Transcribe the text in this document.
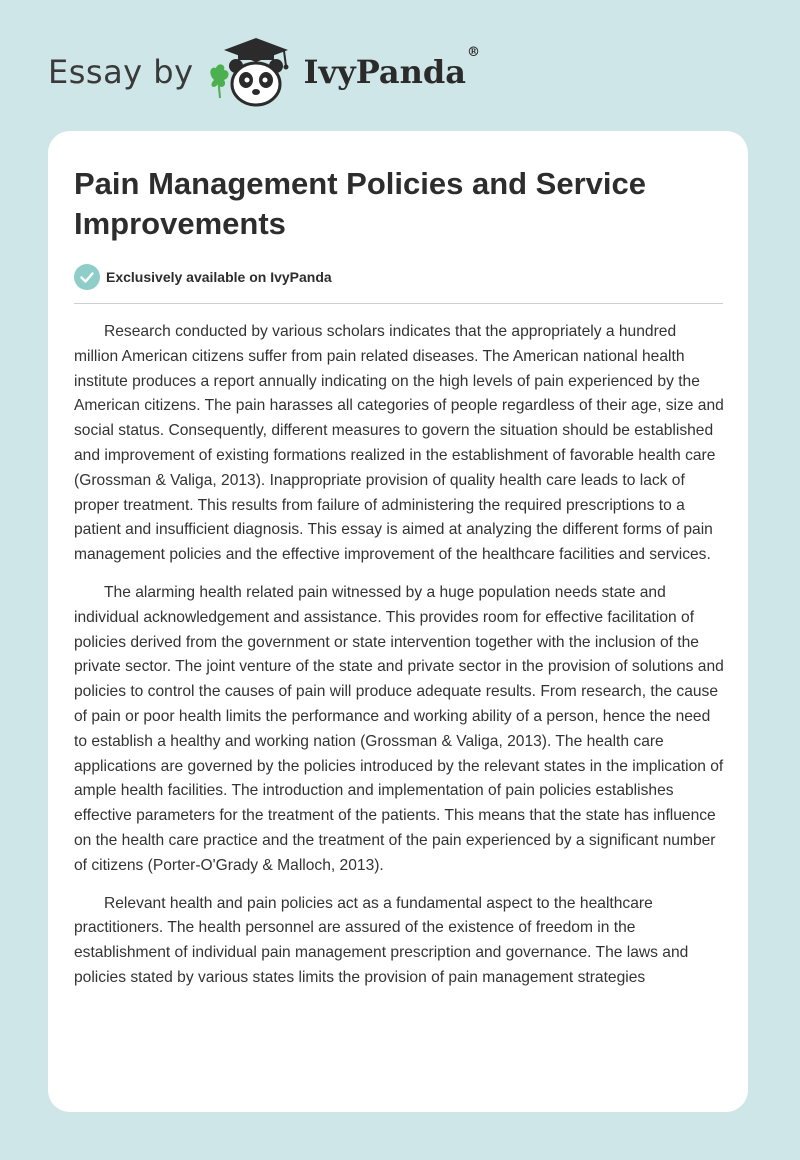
Essay by	IvyPanda®
Pain Management Policies and Service Improvements
Exclusively available on IvyPanda

Research conducted by various scholars indicates that the appropriately a hundred million American citizens suffer from pain related diseases. The American national health institute produces a report annually indicating on the high levels of pain experienced by the American citizens. The pain harasses all categories of people regardless of their age, size and social status. Consequently, different measures to govern the situation should be established and improvement of existing formations realized in the establishment of favorable health care (Grossman & Valiga, 2013). Inappropriate provision of quality health care leads to lack of proper treatment. This results from failure of administering the required prescriptions to a patient and insufficient diagnosis. This essay is aimed at analyzing the different forms of pain management policies and the effective improvement of the healthcare facilities and services.

The alarming health related pain witnessed by a huge population needs state and individual acknowledgement and assistance. This provides room for effective facilitation of policies derived from the government or state intervention together with the inclusion of the private sector. The joint venture of the state and private sector in the provision of solutions and policies to control the causes of pain will produce adequate results. From research, the cause of pain or poor health limits the performance and working ability of a person, hence the need to establish a healthy and working nation (Grossman & Valiga, 2013). The health care applications are governed by the policies introduced by the relevant states in the implication of ample health facilities. The introduction and implementation of pain policies establishes effective parameters for the treatment of the patients. This means that the state has influence on the health care practice and the treatment of the pain experienced by a significant number of citizens (Porter-O'Grady & Malloch, 2013).

Relevant health and pain policies act as a fundamental aspect to the healthcare practitioners. The health personnel are assured of the existence of freedom in the establishment of individual pain management prescription and governance. The laws and policies stated by various states limits the provision of pain management strategies
